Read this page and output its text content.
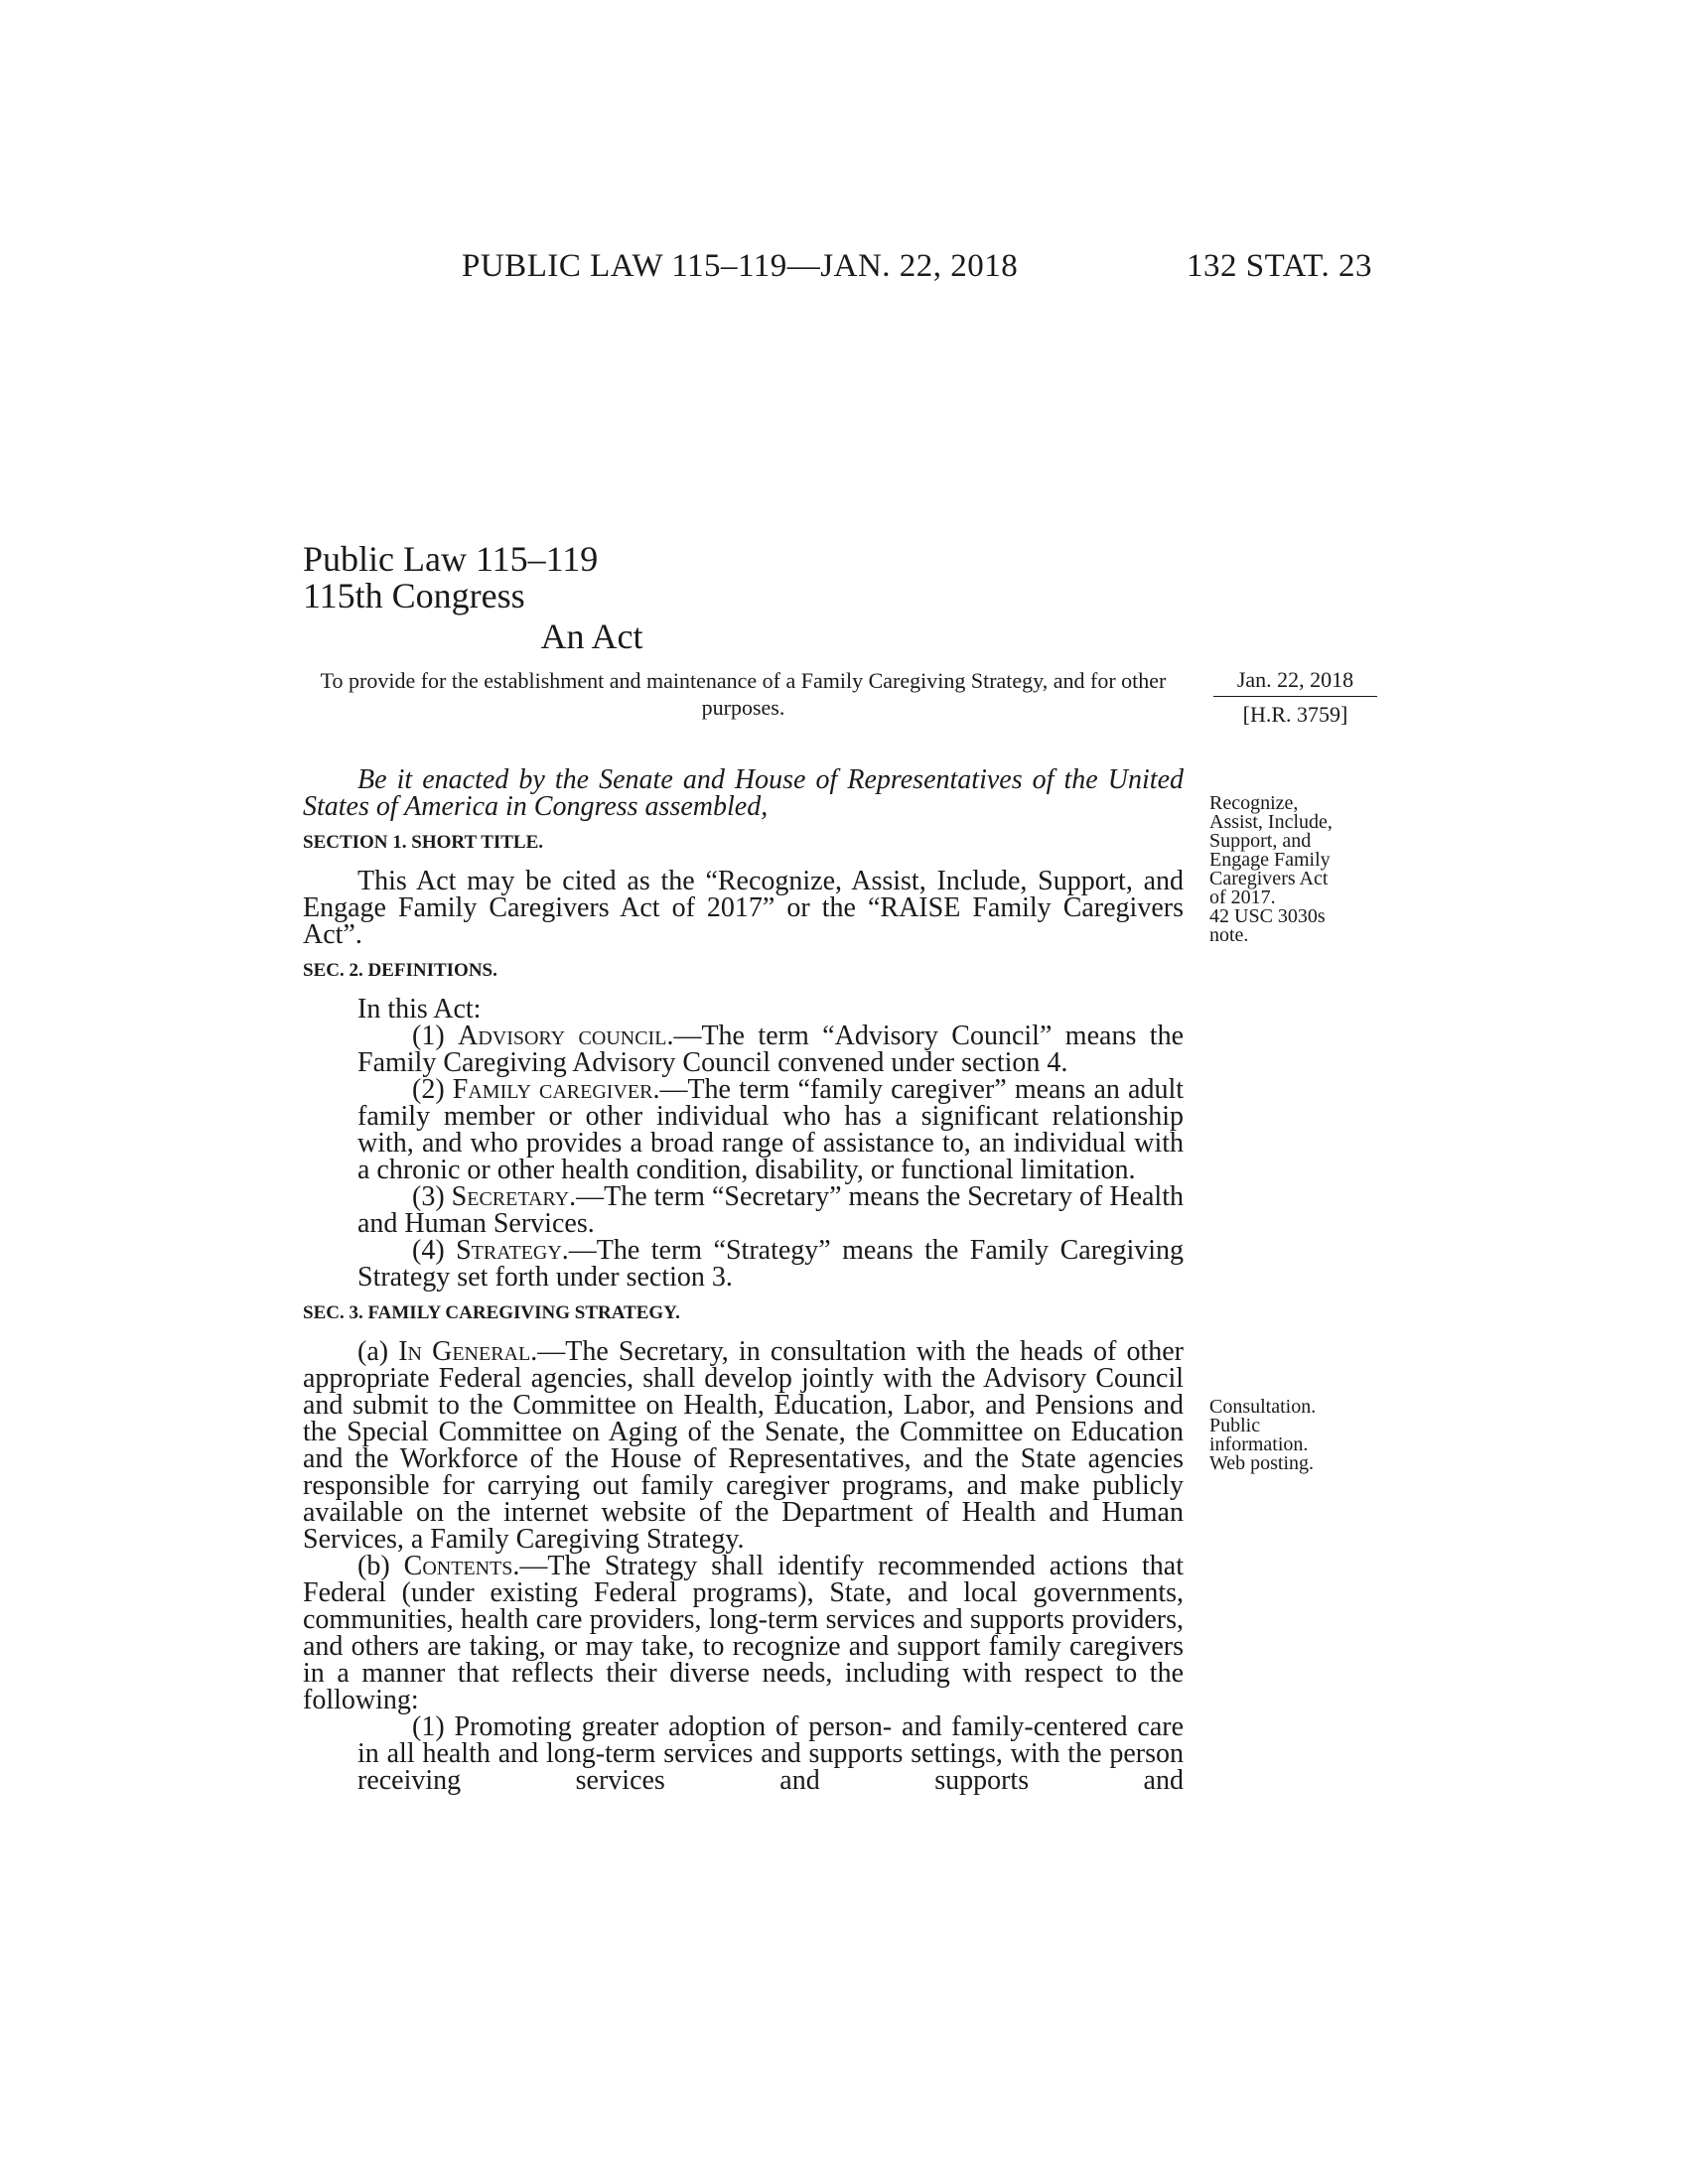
PUBLIC LAW 115–119—JAN. 22, 2018	132 STAT. 23
Public Law 115–119
115th Congress
An Act
To provide for the establishment and maintenance of a Family Caregiving Strategy, and for other purposes.
Jan. 22, 2018
[H.R. 3759]
Recognize,
Assist, Include,
Support, and
Engage Family
Caregivers Act
of 2017.
42 USC 3030s
note.
Consultation.
Public
information.
Web posting.

Be it enacted by the Senate and House of Representatives of the United States of America in Congress assembled,

SECTION 1. SHORT TITLE.

This Act may be cited as the “Recognize, Assist, Include, Support, and Engage Family Caregivers Act of 2017” or the “RAISE Family Caregivers Act”.

SEC. 2. DEFINITIONS.

In this Act:

(1) Advisory council.—The term “Advisory Council” means the Family Caregiving Advisory Council convened under section 4.

(2) Family caregiver.—The term “family caregiver” means an adult family member or other individual who has a significant relationship with, and who provides a broad range of assistance to, an individual with a chronic or other health condition, disability, or functional limitation.

(3) Secretary.—The term “Secretary” means the Secretary of Health and Human Services.

(4) Strategy.—The term “Strategy” means the Family Caregiving Strategy set forth under section 3.

SEC. 3. FAMILY CAREGIVING STRATEGY.

(a) In General.—The Secretary, in consultation with the heads of other appropriate Federal agencies, shall develop jointly with the Advisory Council and submit to the Committee on Health, Education, Labor, and Pensions and the Special Committee on Aging of the Senate, the Committee on Education and the Workforce of the House of Representatives, and the State agencies responsible for carrying out family caregiver programs, and make publicly available on the internet website of the Department of Health and Human Services, a Family Caregiving Strategy.

(b) Contents.—The Strategy shall identify recommended actions that Federal (under existing Federal programs), State, and local governments, communities, health care providers, long-term services and supports providers, and others are taking, or may take, to recognize and support family caregivers in a manner that reflects their diverse needs, including with respect to the following:

(1) Promoting greater adoption of person- and family-centered care in all health and long-term services and supports settings, with the person receiving services and supports and
